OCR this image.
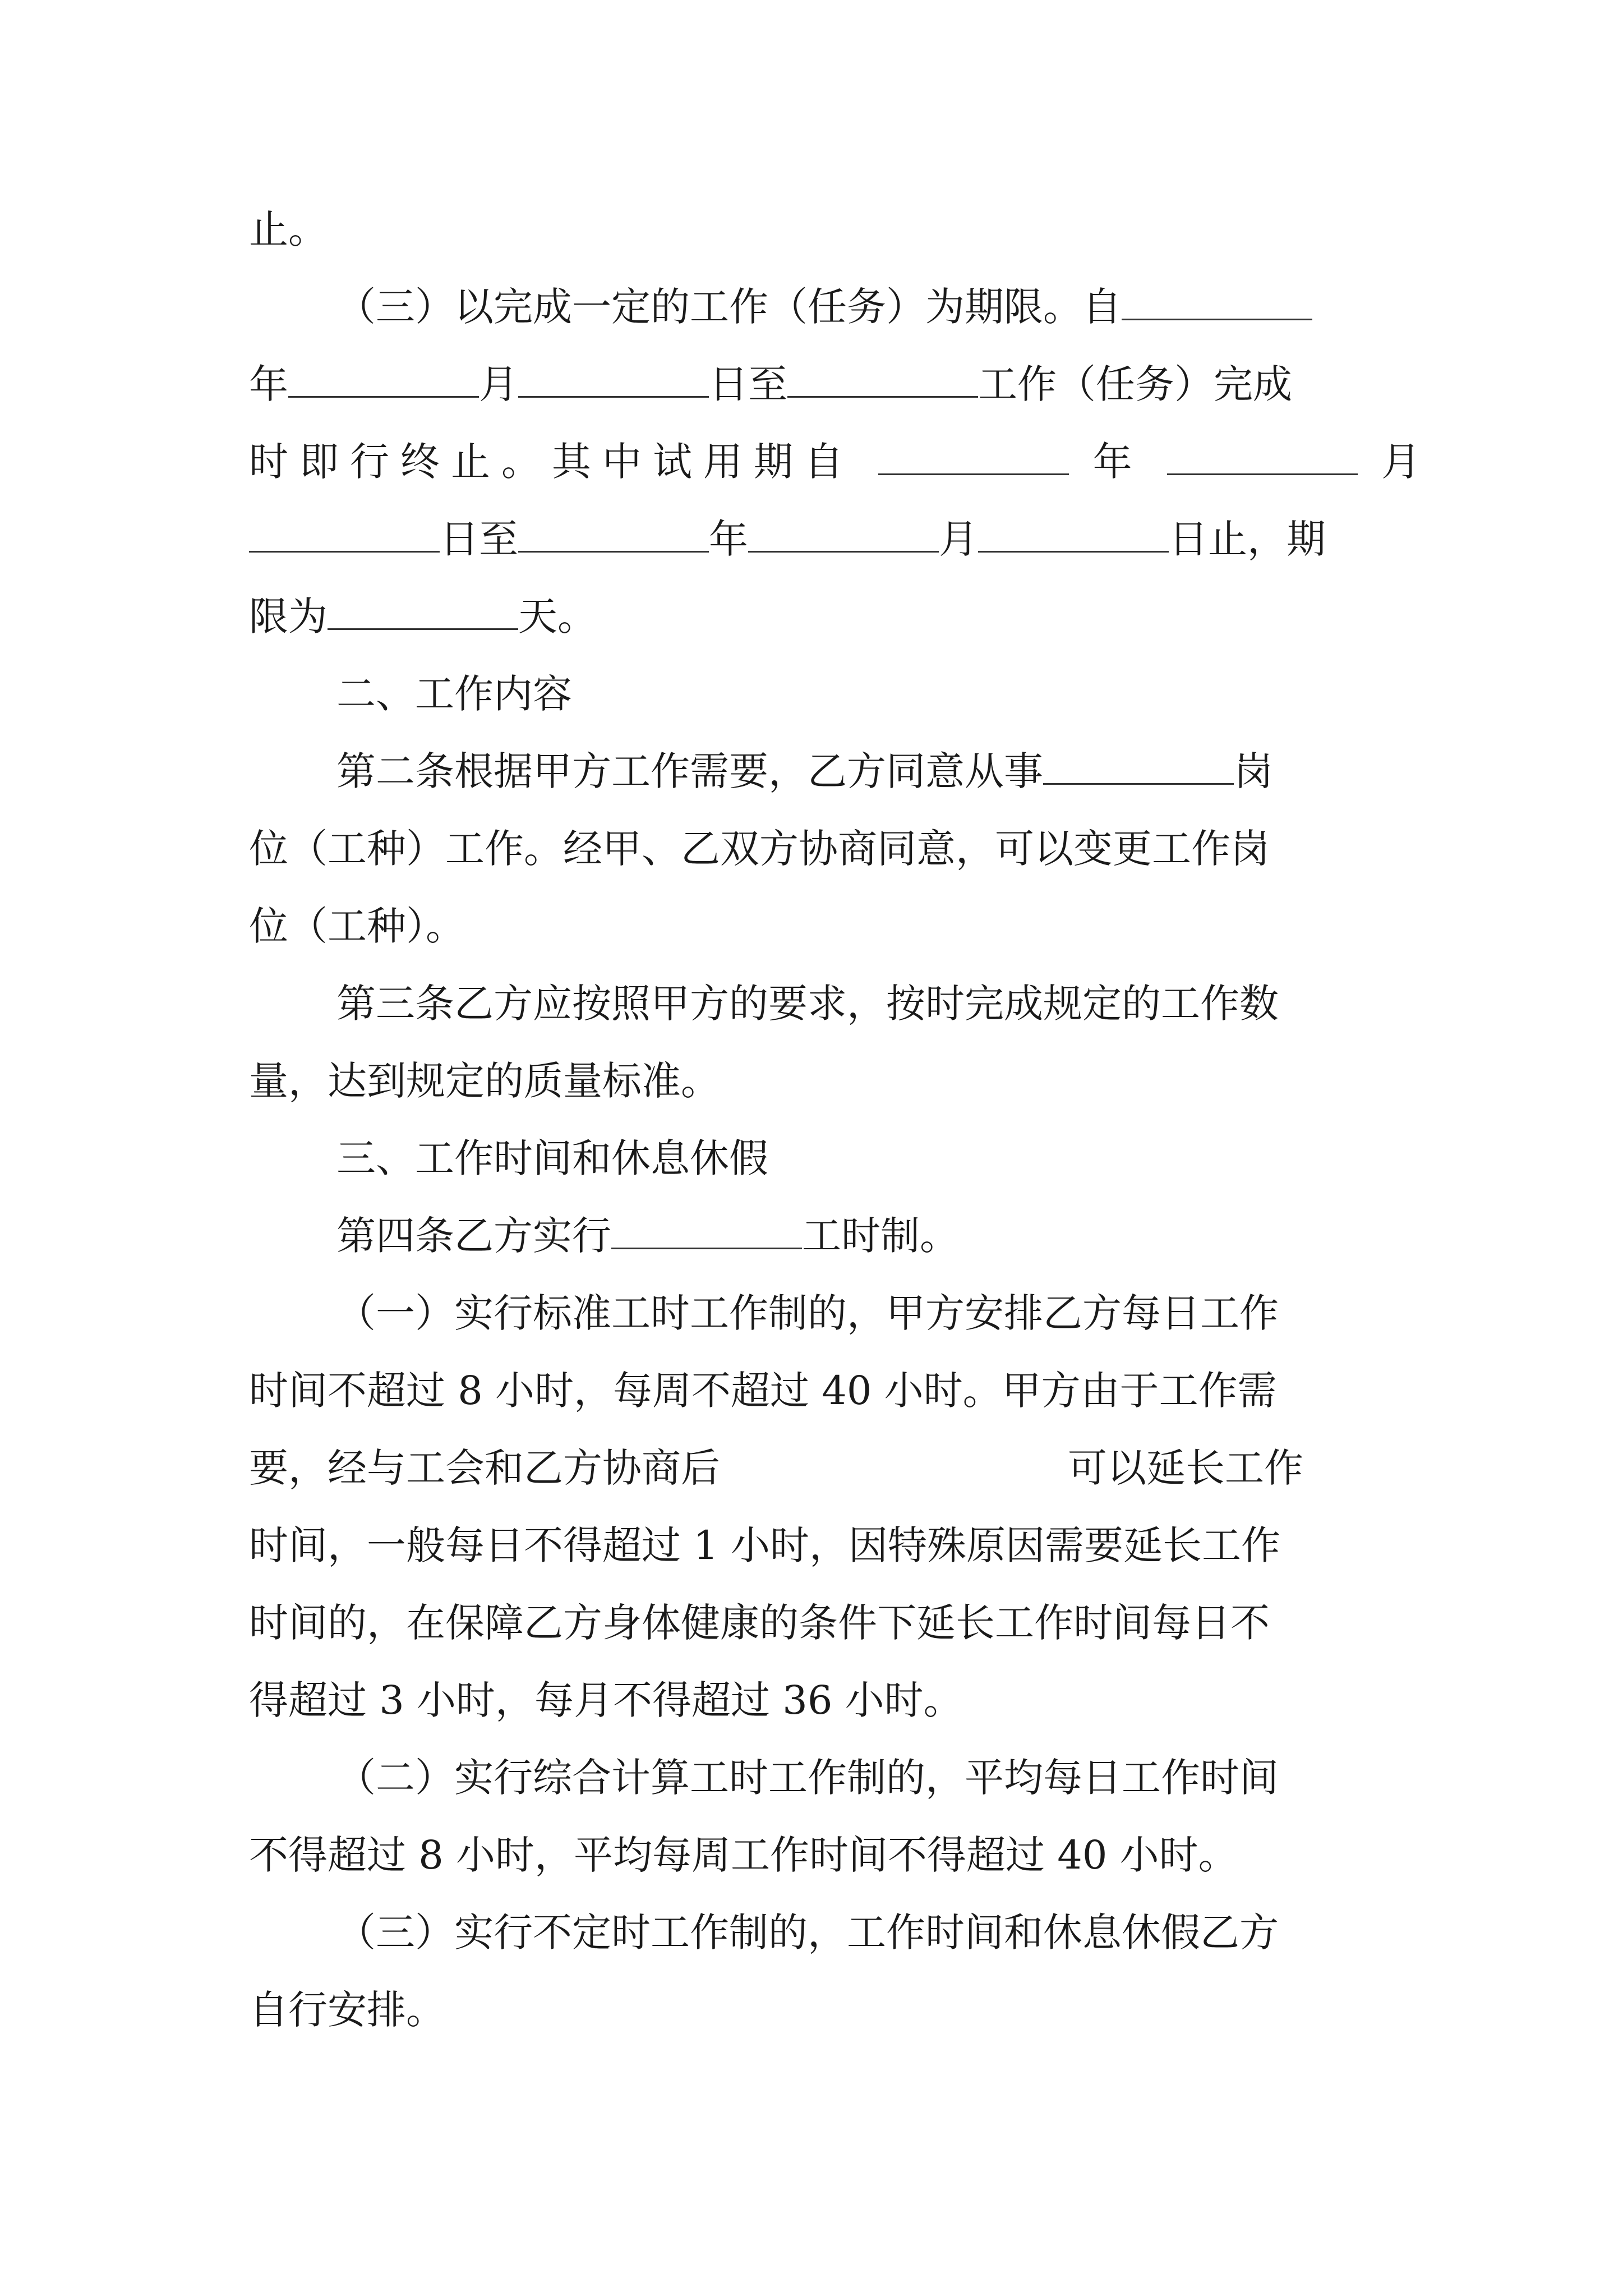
止。
（三）以完成一定的工作（任务）为期限。自
年	月	日至	工作（任务）完成
时即行终止。其中试用期自	年	月
日至	年	月	日止，期
限为	天。
二、工作内容
第二条根据甲方工作需要，乙方同意从事	岗
位（工种）工作。经甲、乙双方协商同意，可以变更工作岗
位（工种）。
第三条乙方应按照甲方的要求，按时完成规定的工作数
量，达到规定的质量标准。
三、工作时间和休息休假
第四条乙方实行	工时制。
（一）实行标准工时工作制的，甲方安排乙方每日工作
时间不超过 8 小时，每周不超过 40 小时。甲方由于工作需
要，经与工会和乙方协商后	可以延长工作
时间，一般每日不得超过 1 小时，因特殊原因需要延长工作
时间的，在保障乙方身体健康的条件下延长工作时间每日不
得超过 3 小时，每月不得超过 36 小时。
（二）实行综合计算工时工作制的，平均每日工作时间
不得超过 8 小时，平均每周工作时间不得超过 40 小时。
（三）实行不定时工作制的，工作时间和休息休假乙方
自行安排。
